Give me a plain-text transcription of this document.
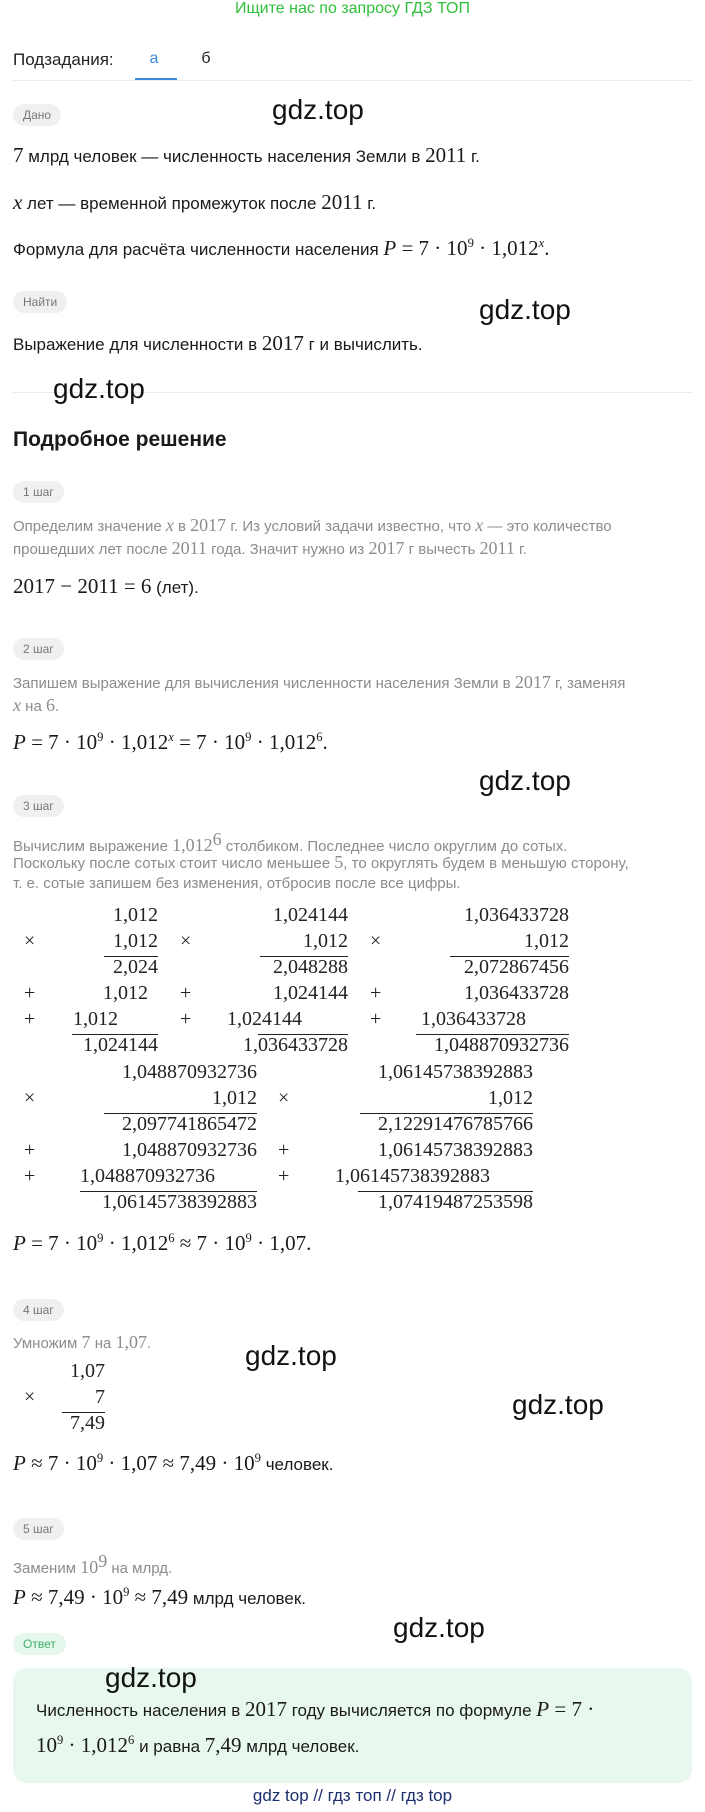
Ищите нас по запросу ГДЗ ТОП
Подзадания:	а	б
Дано
7 млрд человек — численность населения Земли в 2011 г.
x лет — временной промежуток после 2011 г.
Формула для расчёта численности населения $P = 7 \cdot 10^9 \cdot 1,012^x$.
Найти
Выражение для численности в 2017 г и вычислить.
Подробное решение
1 шаг
Определим значение x в 2017 г. Из условий задачи известно, что x — это количество
прошедших лет после 2011 года. Значит нужно из 2017 г вычесть 2011 г.
2017 − 2011 = 6 (лет).
2 шаг
Запишем выражение для вычисления численности населения Земли в 2017 г, заменяя
x на 6.
$P = 7 \cdot 10^9 \cdot 1,012^x = 7 \cdot 10^9 \cdot 1,012^6$.
3 шаг
Вычислим выражение 1,012$^6$ столбиком. Последнее число округлим до сотых.
Поскольку после сотых стоит число меньшее 5, то округлять будем в меньшую сторону,
т. е. сотые запишем без изменения, отбросив после все цифры.
1,012
×	1,012
2,024
+	1,012
+ 1,012
1,024144
1,024144
×	1,012
2,048288
+	1,024144
+ 1,024144
1,036433728
1,036433728
×	1,012
2,072867456
+	1,036433728
+ 1,036433728
1,048870932736
1,048870932736
×	1,012
2,097741865472
+	1,048870932736
+ 1,048870932736
1,06145738392883
1,06145738392883
×	1,012
2,12291476785766
+	1,06145738392883
+ 1,06145738392883
1,07419487253598
$P = 7 \cdot 10^9 \cdot 1,012^6 \approx 7 \cdot 10^9 \cdot 1,07$.
4 шаг
Умножим 7 на 1,07.
1,07
×	7
7,49
$P \approx 7 \cdot 10^9 \cdot 1,07 \approx 7,49 \cdot 10^9$ человек.
5 шаг
Заменим $10^9$ на млрд.
$P \approx 7,49 \cdot 10^9 \approx 7,49$ млрд человек.
Ответ
Численность населения в 2017 году вычисляется по формуле P = 7 ·
$10^9 \cdot 1,012^6$ и равна 7,49 млрд человек.
gdz.top
gdz.top
gdz.top
gdz.top
gdz.top
gdz.top
gdz.top
gdz.top
gdz top // гдз топ // гдз top
